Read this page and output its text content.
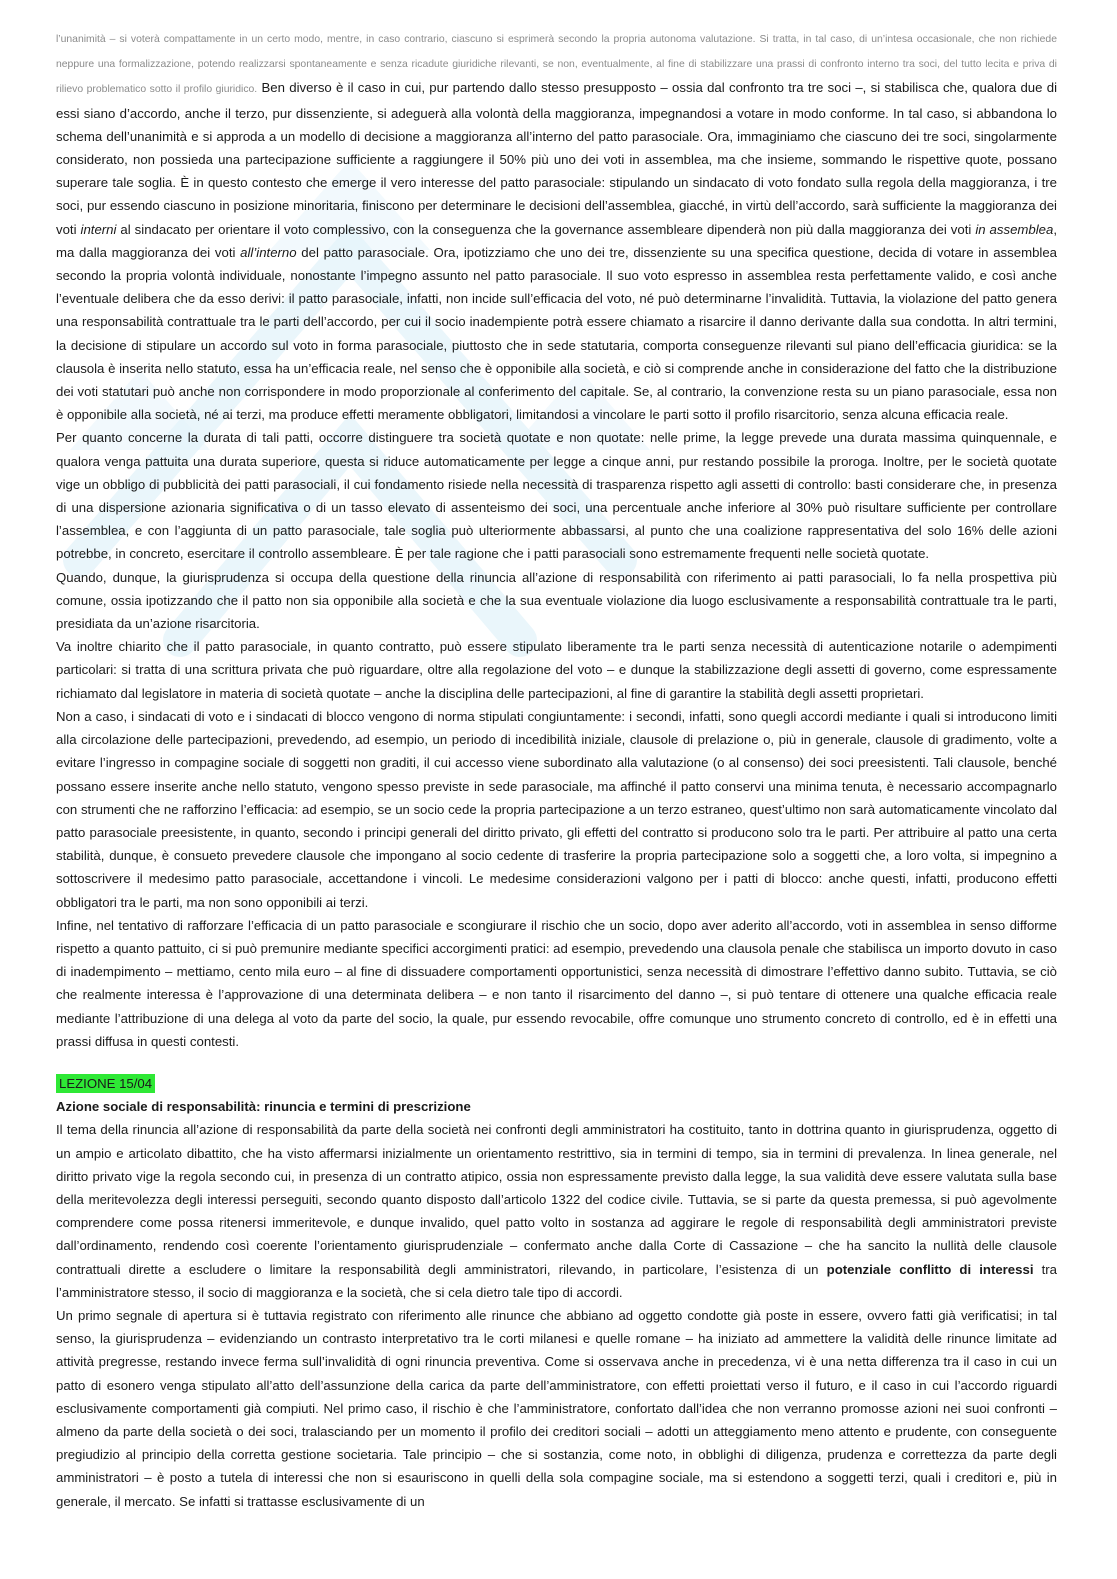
l’unanimità – si voterà compattamente in un certo modo, mentre, in caso contrario, ciascuno si esprimerà secondo la propria autonoma valutazione. Si tratta, in tal caso, di un’intesa occasionale, che non richiede neppure una formalizzazione, potendo realizzarsi spontaneamente e senza ricadute giuridiche rilevanti, se non, eventualmente, al fine di stabilizzare una prassi di confronto interno tra soci, del tutto lecita e priva di rilievo problematico sotto il profilo giuridico. Ben diverso è il caso in cui, pur partendo dallo stesso presupposto – ossia dal confronto tra tre soci –, si stabilisca che, qualora due di essi siano d’accordo, anche il terzo, pur dissenziente, si adeguerà alla volontà della maggioranza, impegnandosi a votare in modo conforme. In tal caso, si abbandona lo schema dell’unanimità e si approda a un modello di decisione a maggioranza all’interno del patto parasociale. Ora, immaginiamo che ciascuno dei tre soci, singolarmente considerato, non possieda una partecipazione sufficiente a raggiungere il 50% più uno dei voti in assemblea, ma che insieme, sommando le rispettive quote, possano superare tale soglia. È in questo contesto che emerge il vero interesse del patto parasociale: stipulando un sindacato di voto fondato sulla regola della maggioranza, i tre soci, pur essendo ciascuno in posizione minoritaria, finiscono per determinare le decisioni dell’assemblea, giacché, in virtù dell’accordo, sarà sufficiente la maggioranza dei voti interni al sindacato per orientare il voto complessivo, con la conseguenza che la governance assembleare dipenderà non più dalla maggioranza dei voti in assemblea, ma dalla maggioranza dei voti all’interno del patto parasociale. Ora, ipotizziamo che uno dei tre, dissenziente su una specifica questione, decida di votare in assemblea secondo la propria volontà individuale, nonostante l’impegno assunto nel patto parasociale. Il suo voto espresso in assemblea resta perfettamente valido, e così anche l’eventuale delibera che da esso derivi: il patto parasociale, infatti, non incide sull’efficacia del voto, né può determinarne l’invalidità. Tuttavia, la violazione del patto genera una responsabilità contrattuale tra le parti dell’accordo, per cui il socio inadempiente potrà essere chiamato a risarcire il danno derivante dalla sua condotta. In altri termini, la decisione di stipulare un accordo sul voto in forma parasociale, piuttosto che in sede statutaria, comporta conseguenze rilevanti sul piano dell’efficacia giuridica: se la clausola è inserita nello statuto, essa ha un’efficacia reale, nel senso che è opponibile alla società, e ciò si comprende anche in considerazione del fatto che la distribuzione dei voti statutari può anche non corrispondere in modo proporzionale al conferimento del capitale. Se, al contrario, la convenzione resta su un piano parasociale, essa non è opponibile alla società, né ai terzi, ma produce effetti meramente obbligatori, limitandosi a vincolare le parti sotto il profilo risarcitorio, senza alcuna efficacia reale.

Per quanto concerne la durata di tali patti, occorre distinguere tra società quotate e non quotate: nelle prime, la legge prevede una durata massima quinquennale, e qualora venga pattuita una durata superiore, questa si riduce automaticamente per legge a cinque anni, pur restando possibile la proroga. Inoltre, per le società quotate vige un obbligo di pubblicità dei patti parasociali, il cui fondamento risiede nella necessità di trasparenza rispetto agli assetti di controllo: basti considerare che, in presenza di una dispersione azionaria significativa o di un tasso elevato di assenteismo dei soci, una percentuale anche inferiore al 30% può risultare sufficiente per controllare l’assemblea, e con l’aggiunta di un patto parasociale, tale soglia può ulteriormente abbassarsi, al punto che una coalizione rappresentativa del solo 16% delle azioni potrebbe, in concreto, esercitare il controllo assembleare. È per tale ragione che i patti parasociali sono estremamente frequenti nelle società quotate.

Quando, dunque, la giurisprudenza si occupa della questione della rinuncia all’azione di responsabilità con riferimento ai patti parasociali, lo fa nella prospettiva più comune, ossia ipotizzando che il patto non sia opponibile alla società e che la sua eventuale violazione dia luogo esclusivamente a responsabilità contrattuale tra le parti, presidiata da un’azione risarcitoria.

Va inoltre chiarito che il patto parasociale, in quanto contratto, può essere stipulato liberamente tra le parti senza necessità di autenticazione notarile o adempimenti particolari: si tratta di una scrittura privata che può riguardare, oltre alla regolazione del voto – e dunque la stabilizzazione degli assetti di governo, come espressamente richiamato dal legislatore in materia di società quotate – anche la disciplina delle partecipazioni, al fine di garantire la stabilità degli assetti proprietari.

Non a caso, i sindacati di voto e i sindacati di blocco vengono di norma stipulati congiuntamente: i secondi, infatti, sono quegli accordi mediante i quali si introducono limiti alla circolazione delle partecipazioni, prevedendo, ad esempio, un periodo di incedibilità iniziale, clausole di prelazione o, più in generale, clausole di gradimento, volte a evitare l’ingresso in compagine sociale di soggetti non graditi, il cui accesso viene subordinato alla valutazione (o al consenso) dei soci preesistenti. Tali clausole, benché possano essere inserite anche nello statuto, vengono spesso previste in sede parasociale, ma affinché il patto conservi una minima tenuta, è necessario accompagnarlo con strumenti che ne rafforzino l’efficacia: ad esempio, se un socio cede la propria partecipazione a un terzo estraneo, quest’ultimo non sarà automaticamente vincolato dal patto parasociale preesistente, in quanto, secondo i principi generali del diritto privato, gli effetti del contratto si producono solo tra le parti. Per attribuire al patto una certa stabilità, dunque, è consueto prevedere clausole che impongano al socio cedente di trasferire la propria partecipazione solo a soggetti che, a loro volta, si impegnino a sottoscrivere il medesimo patto parasociale, accettandone i vincoli. Le medesime considerazioni valgono per i patti di blocco: anche questi, infatti, producono effetti obbligatori tra le parti, ma non sono opponibili ai terzi.

Infine, nel tentativo di rafforzare l’efficacia di un patto parasociale e scongiurare il rischio che un socio, dopo aver aderito all’accordo, voti in assemblea in senso difforme rispetto a quanto pattuito, ci si può premunire mediante specifici accorgimenti pratici: ad esempio, prevedendo una clausola penale che stabilisca un importo dovuto in caso di inadempimento – mettiamo, cento mila euro – al fine di dissuadere comportamenti opportunistici, senza necessità di dimostrare l’effettivo danno subito. Tuttavia, se ciò che realmente interessa è l’approvazione di una determinata delibera – e non tanto il risarcimento del danno –, si può tentare di ottenere una qualche efficacia reale mediante l’attribuzione di una delega al voto da parte del socio, la quale, pur essendo revocabile, offre comunque uno strumento concreto di controllo, ed è in effetti una prassi diffusa in questi contesti.

LEZIONE 15/04

Azione sociale di responsabilità: rinuncia e termini di prescrizione

Il tema della rinuncia all’azione di responsabilità da parte della società nei confronti degli amministratori ha costituito, tanto in dottrina quanto in giurisprudenza, oggetto di un ampio e articolato dibattito, che ha visto affermarsi inizialmente un orientamento restrittivo, sia in termini di tempo, sia in termini di prevalenza. In linea generale, nel diritto privato vige la regola secondo cui, in presenza di un contratto atipico, ossia non espressamente previsto dalla legge, la sua validità deve essere valutata sulla base della meritevolezza degli interessi perseguiti, secondo quanto disposto dall’articolo 1322 del codice civile. Tuttavia, se si parte da questa premessa, si può agevolmente comprendere come possa ritenersi immeritevole, e dunque invalido, quel patto volto in sostanza ad aggirare le regole di responsabilità degli amministratori previste dall’ordinamento, rendendo così coerente l’orientamento giurisprudenziale – confermato anche dalla Corte di Cassazione – che ha sancito la nullità delle clausole contrattuali dirette a escludere o limitare la responsabilità degli amministratori, rilevando, in particolare, l’esistenza di un potenziale conflitto di interessi tra l’amministratore stesso, il socio di maggioranza e la società, che si cela dietro tale tipo di accordi.

Un primo segnale di apertura si è tuttavia registrato con riferimento alle rinunce che abbiano ad oggetto condotte già poste in essere, ovvero fatti già verificatisi; in tal senso, la giurisprudenza – evidenziando un contrasto interpretativo tra le corti milanesi e quelle romane – ha iniziato ad ammettere la validità delle rinunce limitate ad attività pregresse, restando invece ferma sull’invalidità di ogni rinuncia preventiva. Come si osservava anche in precedenza, vi è una netta differenza tra il caso in cui un patto di esonero venga stipulato all’atto dell’assunzione della carica da parte dell’amministratore, con effetti proiettati verso il futuro, e il caso in cui l’accordo riguardi esclusivamente comportamenti già compiuti. Nel primo caso, il rischio è che l’amministratore, confortato dall’idea che non verranno promosse azioni nei suoi confronti – almeno da parte della società o dei soci, tralasciando per un momento il profilo dei creditori sociali – adotti un atteggiamento meno attento e prudente, con conseguente pregiudizio al principio della corretta gestione societaria. Tale principio – che si sostanzia, come noto, in obblighi di diligenza, prudenza e correttezza da parte degli amministratori – è posto a tutela di interessi che non si esauriscono in quelli della sola compagine sociale, ma si estendono a soggetti terzi, quali i creditori e, più in generale, il mercato. Se infatti si trattasse esclusivamente di un
